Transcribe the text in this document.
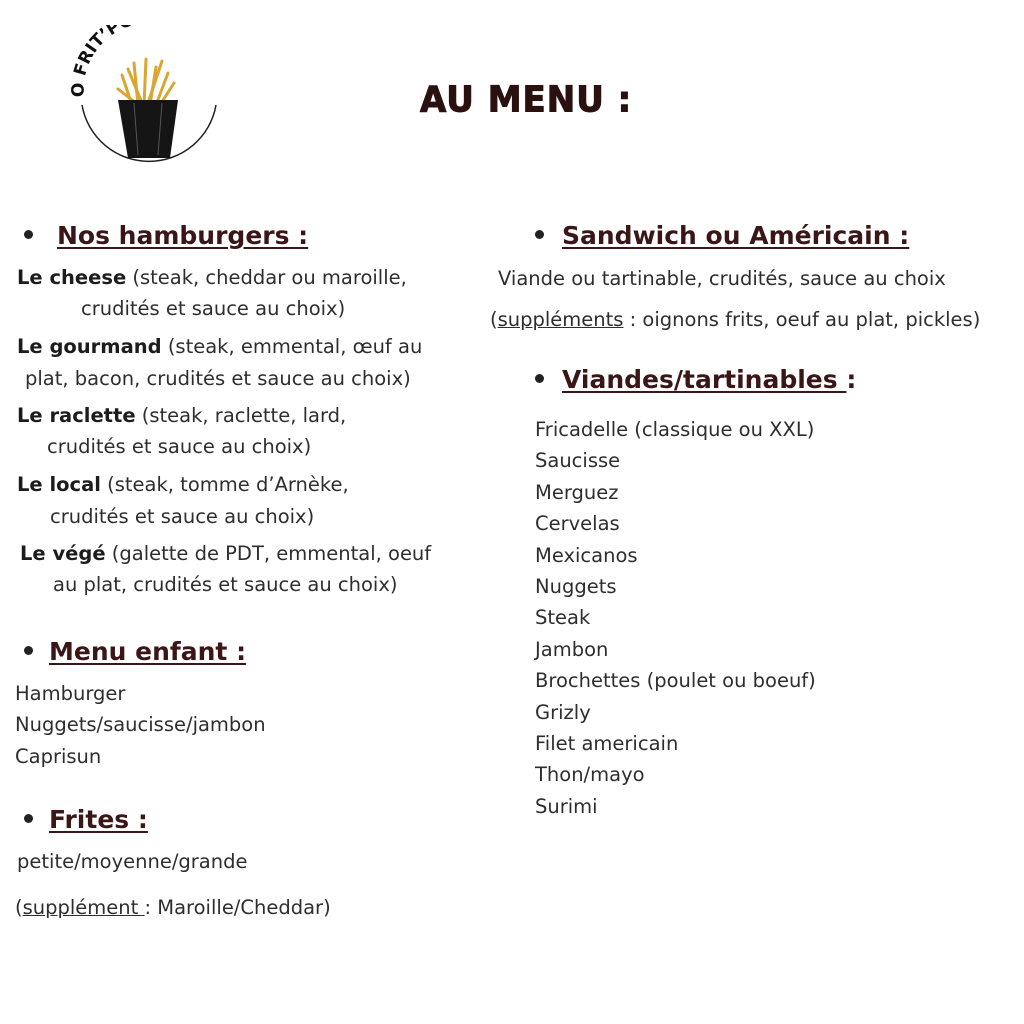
Ô FRIT’P
AU MENU :
Nos hamburgers :
Le cheese (steak, cheddar ou maroille,
crudités et sauce au choix)
Le gourmand (steak, emmental, œuf au
plat, bacon, crudités et sauce au choix)
Le raclette (steak, raclette, lard,
crudités et sauce au choix)
Le local (steak, tomme d’Arnèke,
crudités et sauce au choix)
Le végé (galette de PDT, emmental, oeuf
au plat, crudités et sauce au choix)
Menu enfant :
Hamburger
Nuggets/saucisse/jambon
Caprisun
Frites :
petite/moyenne/grande
(supplément : Maroille/Cheddar)
Sandwich ou Américain :
Viande ou tartinable, crudités, sauce au choix
(suppléments : oignons frits, oeuf au plat, pickles)
Viandes/tartinables :
Fricadelle (classique ou XXL)
Saucisse
Merguez
Cervelas
Mexicanos
Nuggets
Steak
Jambon
Brochettes (poulet ou boeuf)
Grizly
Filet americain
Thon/mayo
Surimi
